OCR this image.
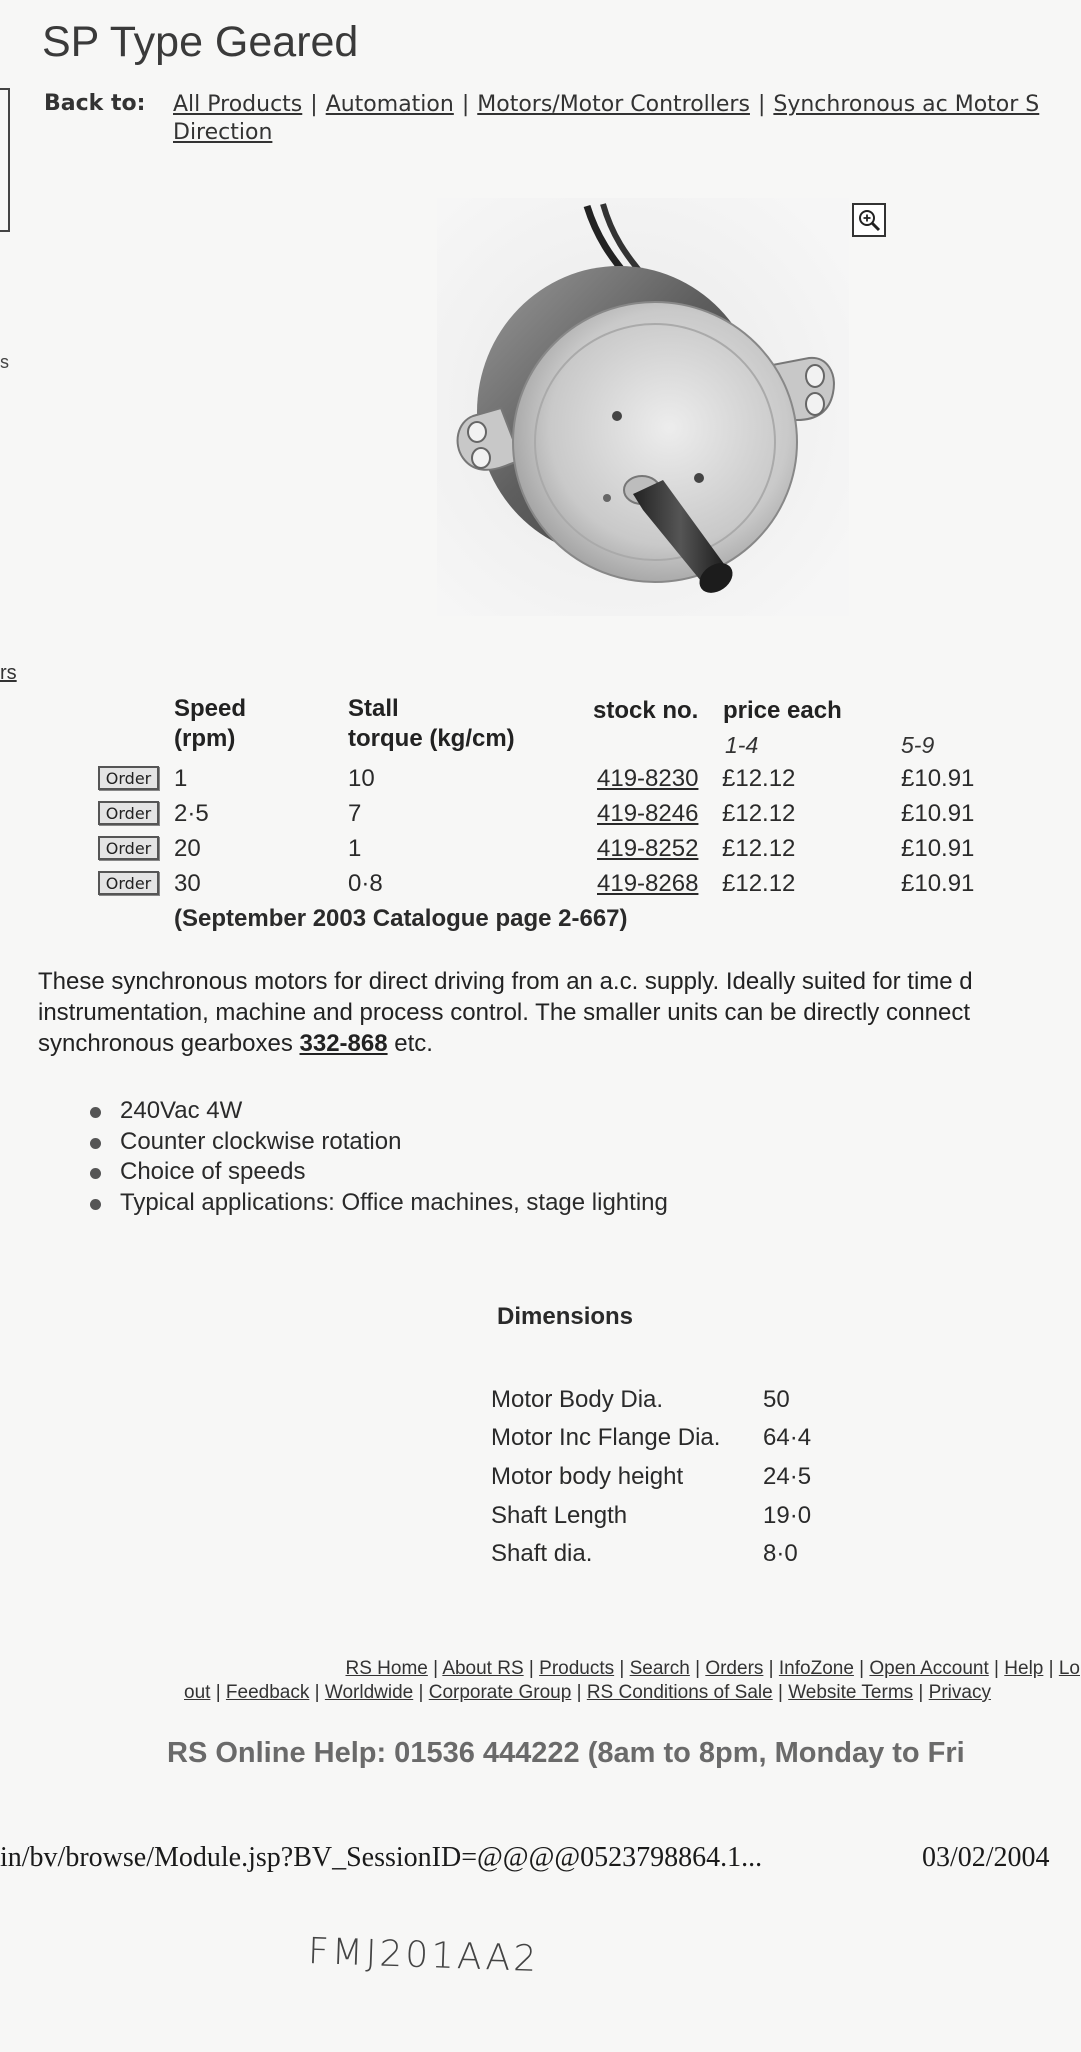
SP Type Geared
s
rs
Back to: All Products | Automation | Motors/Motor Controllers | Synchronous ac Motor S
Direction
Speed
(rpm)
Stall
torque (kg/cm)
stock no. price each
1-4	5-9
Order 1	10	419-8230 £12.12	£10.91
Order 2·5	7	419-8246 £12.12	£10.91
Order 20	1	419-8252 £12.12	£10.91
Order 30	0·8	419-8268 £12.12	£10.91
(September 2003 Catalogue page 2-667)
These synchronous motors for direct driving from an a.c. supply. Ideally suited for time d
instrumentation, machine and process control. The smaller units can be directly connect
synchronous gearboxes 332-868 etc.
240Vac 4W
Counter clockwise rotation
Choice of speeds
Typical applications: Office machines, stage lighting
Dimensions
Motor Body Dia.	50
Motor Inc Flange Dia. 64·4
Motor body height	24·5
Shaft Length	19·0
Shaft dia.	8·0
RS Home | About RS | Products | Search | Orders | InfoZone | Open Account | Help | Lo
out | Feedback | Worldwide | Corporate Group | RS Conditions of Sale | Website Terms | Privacy
RS Online Help: 01536 444222 (8am to 8pm, Monday to Fri
in/bv/browse/Module.jsp?BV_SessionID=@@@@0523798864.1...	03/02/2004
FMJ201AA2
